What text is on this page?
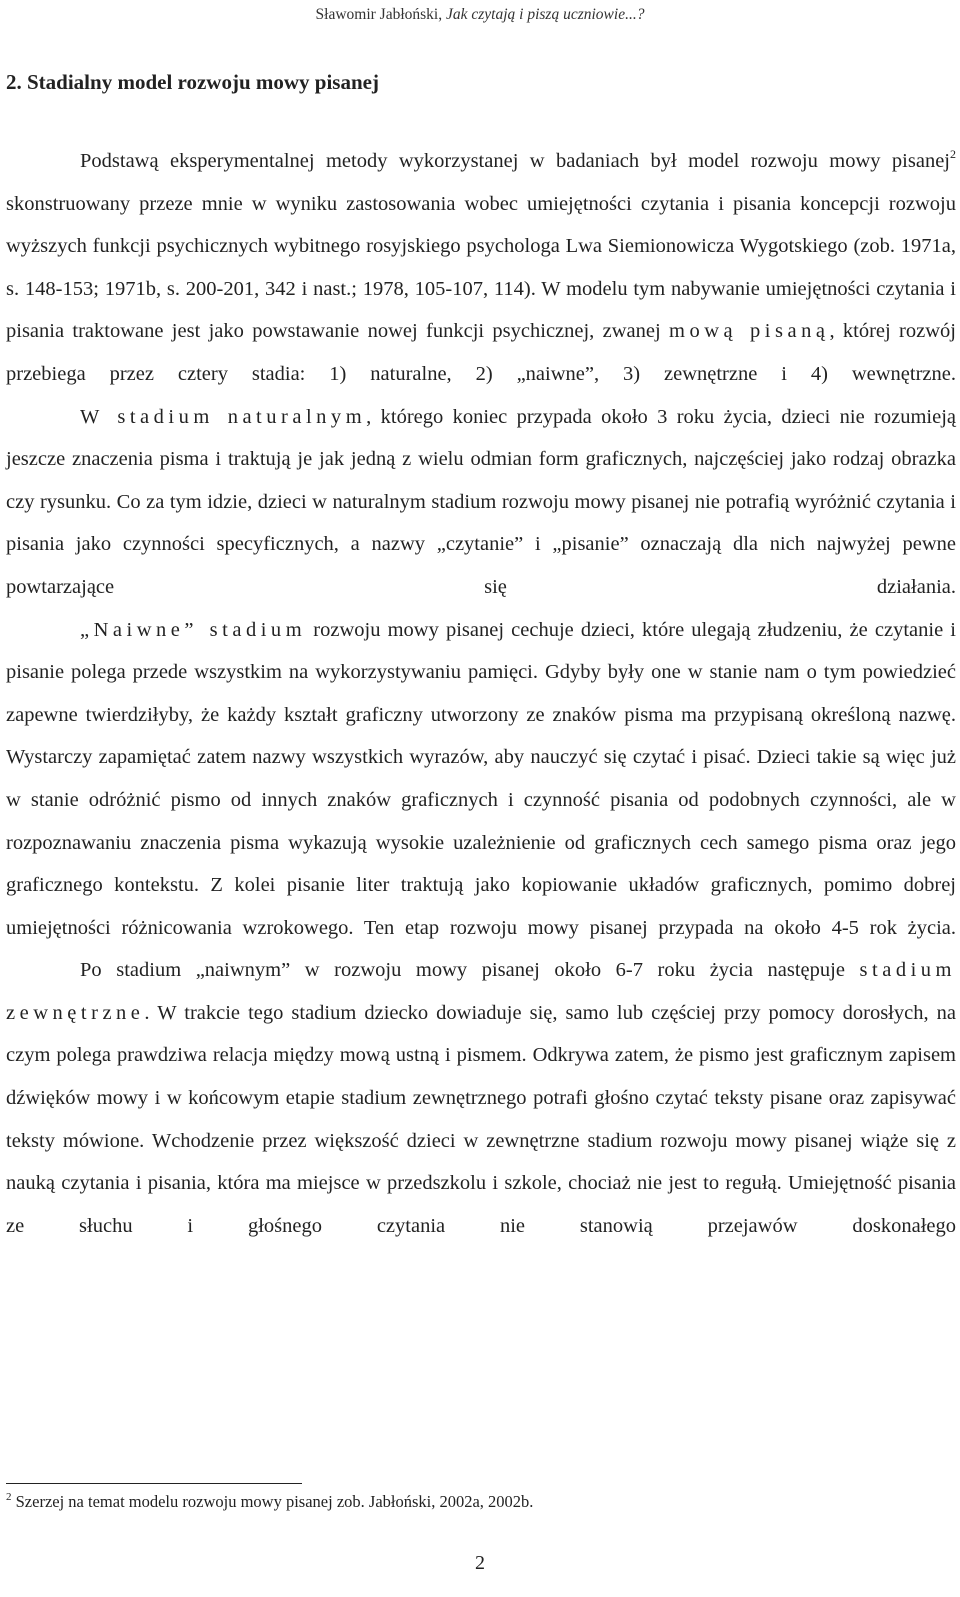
Sławomir Jabłoński, Jak czytają i piszą uczniowie...?
2. Stadialny model rozwoju mowy pisanej

Podstawą eksperymentalnej metody wykorzystanej w badaniach był model rozwoju mowy pisanej$^2$ skonstruowany przeze mnie w wyniku zastosowania wobec umiejętności czytania i pisania koncepcji rozwoju wyższych funkcji psychicznych wybitnego rosyjskiego psychologa Lwa Siemionowicza Wygotskiego (zob. 1971a, s. 148-153; 1971b, s. 200-201, 342 i nast.; 1978, 105-107, 114). W modelu tym nabywanie umiejętności czytania i pisania traktowane jest jako powstawanie nowej funkcji psychicznej, zwanej mową pisaną, której rozwój przebiega przez cztery stadia: 1) naturalne, 2) „naiwne”, 3) zewnętrzne i 4) wewnętrzne.

W stadium naturalnym, którego koniec przypada około 3 roku życia, dzieci nie rozumieją jeszcze znaczenia pisma i traktują je jak jedną z wielu odmian form graficznych, najczęściej jako rodzaj obrazka czy rysunku. Co za tym idzie, dzieci w naturalnym stadium rozwoju mowy pisanej nie potrafią wyróżnić czytania i pisania jako czynności specyficznych, a nazwy „czytanie” i „pisanie” oznaczają dla nich najwyżej pewne powtarzające się działania.

„Naiwne” stadium rozwoju mowy pisanej cechuje dzieci, które ulegają złudzeniu, że czytanie i pisanie polega przede wszystkim na wykorzystywaniu pamięci. Gdyby były one w stanie nam o tym powiedzieć zapewne twierdziłyby, że każdy kształt graficzny utworzony ze znaków pisma ma przypisaną określoną nazwę. Wystarczy zapamiętać zatem nazwy wszystkich wyrazów, aby nauczyć się czytać i pisać. Dzieci takie są więc już w stanie odróżnić pismo od innych znaków graficznych i czynność pisania od podobnych czynności, ale w rozpoznawaniu znaczenia pisma wykazują wysokie uzależnienie od graficznych cech samego pisma oraz jego graficznego kontekstu. Z kolei pisanie liter traktują jako kopiowanie układów graficznych, pomimo dobrej umiejętności różnicowania wzrokowego. Ten etap rozwoju mowy pisanej przypada na około 4-5 rok życia.

Po stadium „naiwnym” w rozwoju mowy pisanej około 6-7 roku życia następuje stadium zewnętrzne. W trakcie tego stadium dziecko dowiaduje się, samo lub częściej przy pomocy dorosłych, na czym polega prawdziwa relacja między mową ustną i pismem. Odkrywa zatem, że pismo jest graficznym zapisem dźwięków mowy i w końcowym etapie stadium zewnętrznego potrafi głośno czytać teksty pisane oraz zapisywać teksty mówione. Wchodzenie przez większość dzieci w zewnętrzne stadium rozwoju mowy pisanej wiąże się z nauką czytania i pisania, która ma miejsce w przedszkolu i szkole, chociaż nie jest to regułą. Umiejętność pisania ze słuchu i głośnego czytania nie stanowią przejawów doskonałego

$^2$ Szerzej na temat modelu rozwoju mowy pisanej zob. Jabłoński, 2002a, 2002b.
2
